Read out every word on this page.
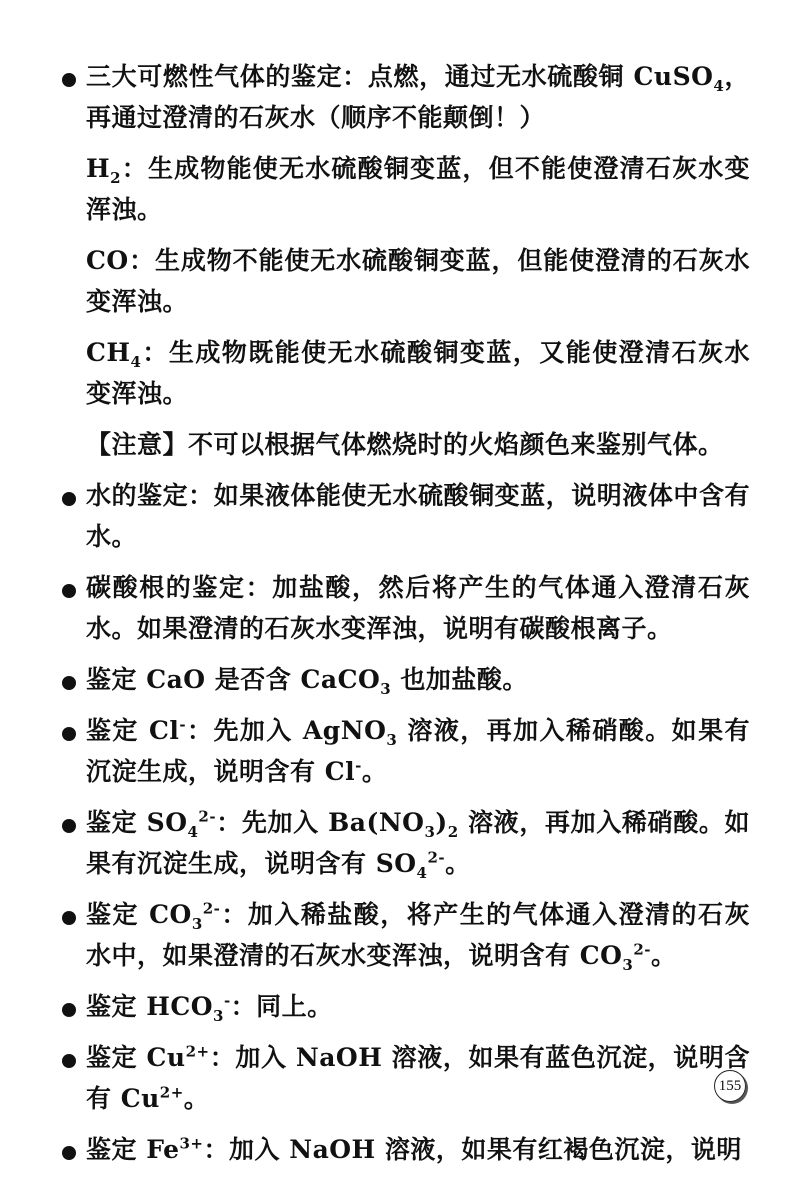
三大可燃性气体的鉴定：点燃，通过无水硫酸铜 CuSO$_4$，再通过澄清的石灰水（顺序不能颠倒！）
$H_2$：生成物能使无水硫酸铜变蓝，但不能使澄清石灰水变浑浊。
CO：生成物不能使无水硫酸铜变蓝，但能使澄清的石灰水变浑浊。
$CH_4$：生成物既能使无水硫酸铜变蓝，又能使澄清石灰水变浑浊。
【注意】不可以根据气体燃烧时的火焰颜色来鉴别气体。
水的鉴定：如果液体能使无水硫酸铜变蓝，说明液体中含有水。
碳酸根的鉴定：加盐酸，然后将产生的气体通入澄清石灰水。如果澄清的石灰水变浑浊，说明有碳酸根离子。
鉴定 CaO 是否含 CaCO$_3$ 也加盐酸。
鉴定 Cl-：先加入 AgNO$_3$ 溶液，再加入稀硝酸。如果有沉淀生成，说明含有 Cl-。
鉴定 $SO_4^{2-}$：先加入 $Ba(NO_3)_2$ 溶液，再加入稀硝酸。如果有沉淀生成，说明含有 $SO_4^{2-}$。
鉴定 $CO_3^{2-}$：加入稀盐酸，将产生的气体通入澄清的石灰水中，如果澄清的石灰水变浑浊，说明含有 $CO_3^{2-}$。
鉴定 $HCO_3^-$：同上。
鉴定 $Cu^{2+}$：加入 NaOH 溶液，如果有蓝色沉淀，说明含有 $Cu^{2+}$。
鉴定 $Fe^{3+}$：加入 NaOH 溶液，如果有红褐色沉淀，说明
155
